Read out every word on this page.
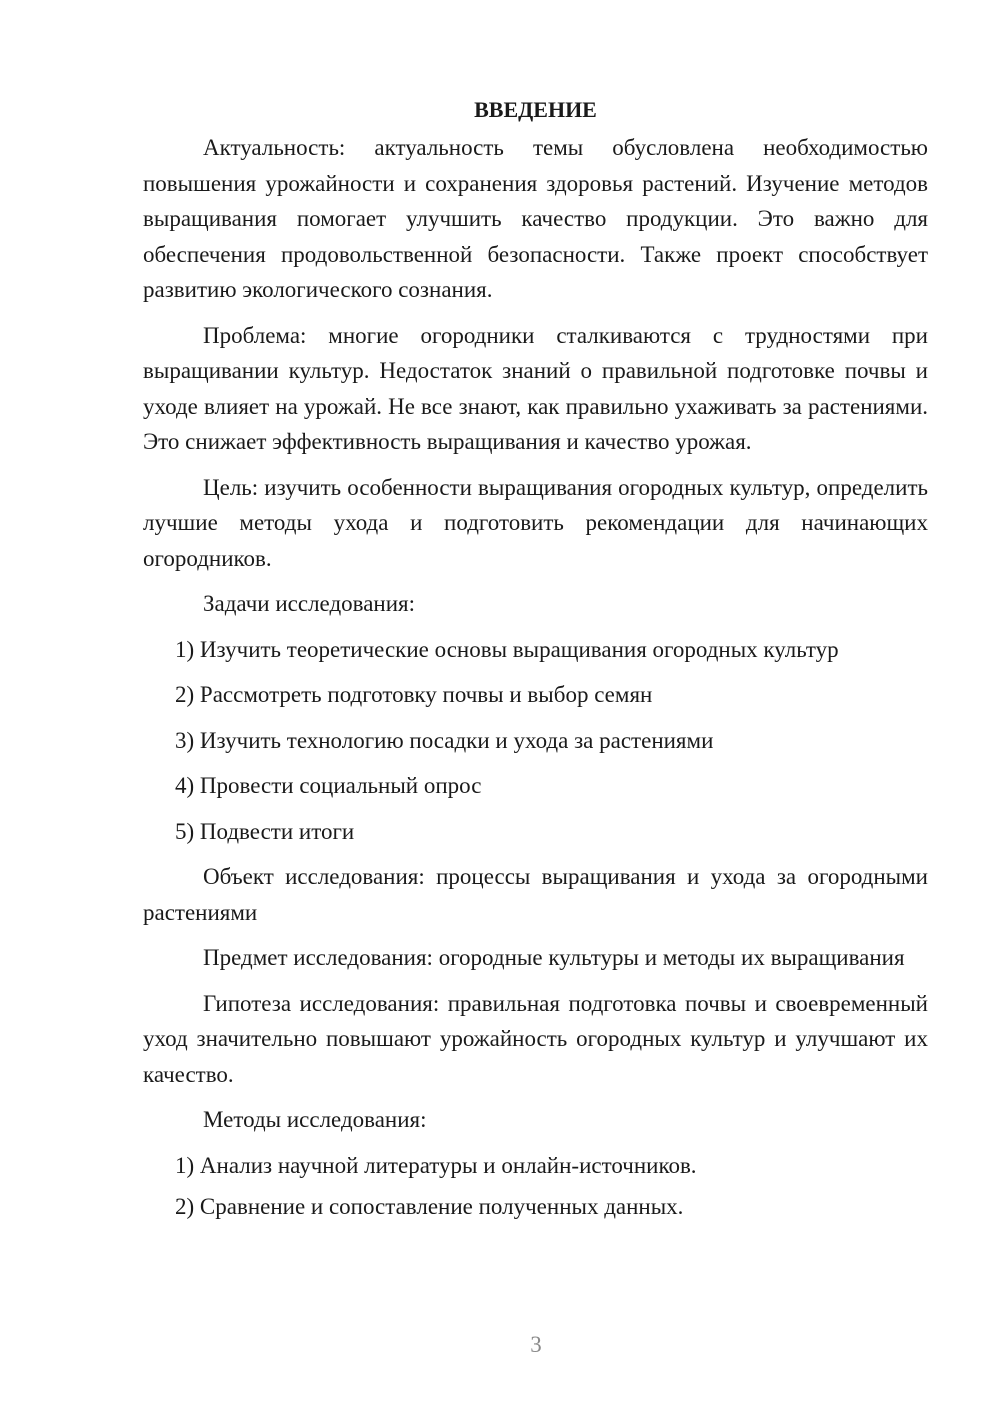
ВВЕДЕНИЕ

Актуальность: актуальность темы обусловлена необходимостью повышения урожайности и сохранения здоровья растений. Изучение методов выращивания помогает улучшить качество продукции. Это важно для обеспечения продовольственной безопасности. Также проект способствует развитию экологического сознания.

Проблема: многие огородники сталкиваются с трудностями при выращивании культур. Недостаток знаний о правильной подготовке почвы и уходе влияет на урожай. Не все знают, как правильно ухаживать за растениями. Это снижает эффективность выращивания и качество урожая.

Цель: изучить особенности выращивания огородных культур, определить лучшие методы ухода и подготовить рекомендации для начинающих огородников.

Задачи исследования:

1) Изучить теоретические основы выращивания огородных культур
2) Рассмотреть подготовку почвы и выбор семян
3) Изучить технологию посадки и ухода за растениями
4) Провести социальный опрос
5) Подвести итоги

Объект исследования: процессы выращивания и ухода за огородными растениями

Предмет исследования: огородные культуры и методы их выращивания

Гипотеза исследования: правильная подготовка почвы и своевременный уход значительно повышают урожайность огородных культур и улучшают их качество.

Методы исследования:

1) Анализ научной литературы и онлайн-источников.
2) Сравнение и сопоставление полученных данных.
3
